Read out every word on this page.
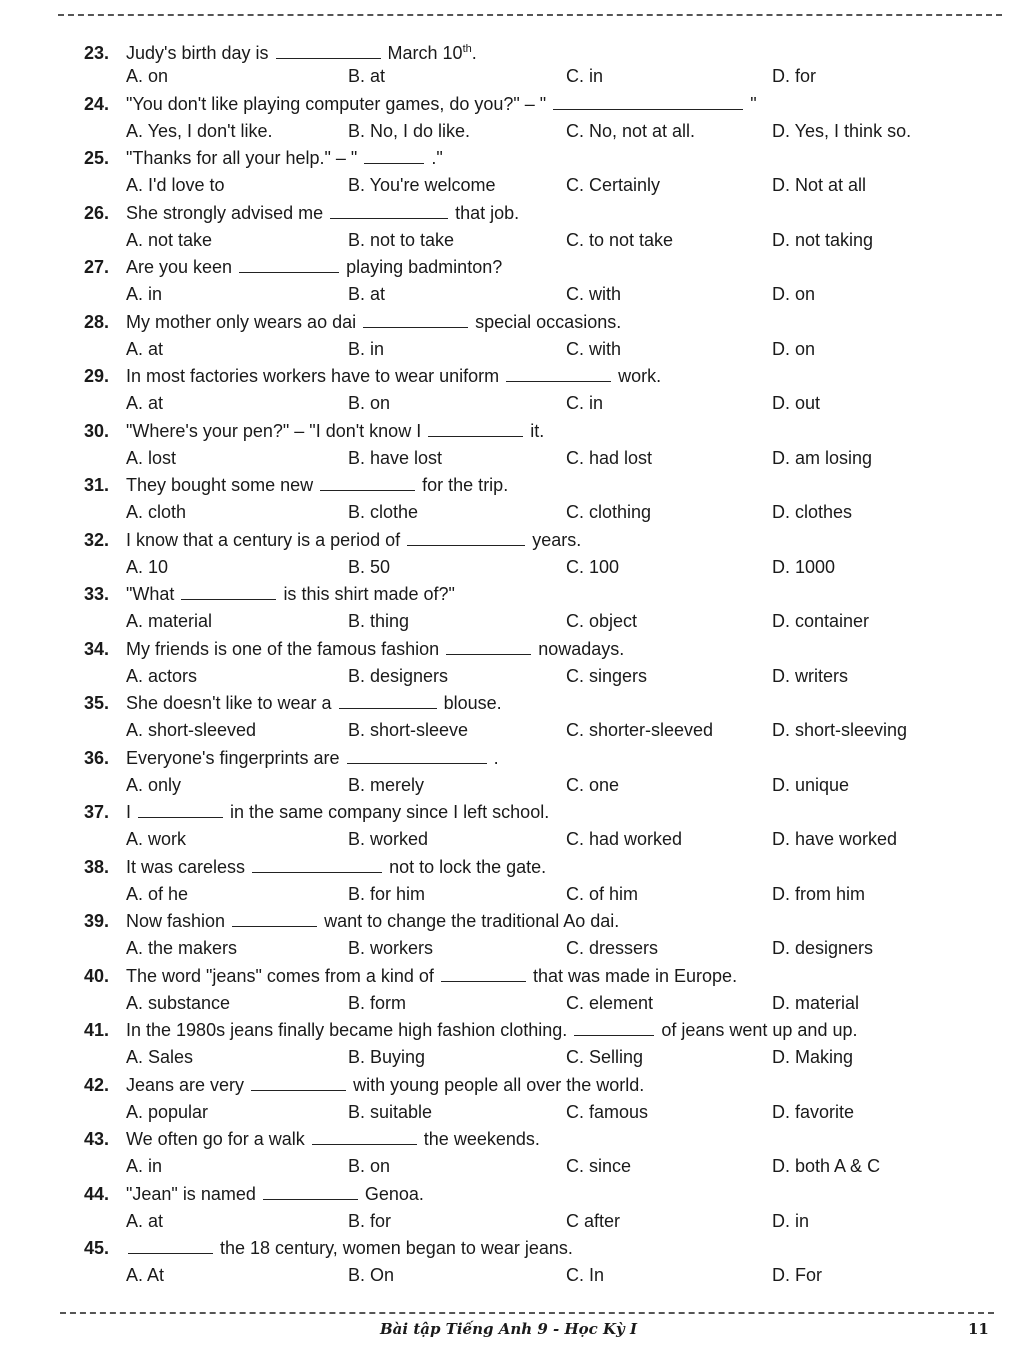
23. Judy's birth day is	March 10th.
A. on	B. at	C. in	D. for
24. "You don't like playing computer games, do you?" – "	"
A. Yes, I don't like.	B. No, I do like.	C. No, not at all.	D. Yes, I think so.
25. "Thanks for all your help." – "	."
A. I'd love to	B. You're welcome	C. Certainly	D. Not at all
26. She strongly advised me	that job.
A. not take	B. not to take	C. to not take	D. not taking
27. Are you keen	playing badminton?
A. in	B. at	C. with	D. on
28. My mother only wears ao dai	special occasions.
A. at	B. in	C. with	D. on
29. In most factories workers have to wear uniform	work.
A. at	B. on	C. in	D. out
30. "Where's your pen?" – "I don't know I	it.
A. lost	B. have lost	C. had lost	D. am losing
31. They bought some new	for the trip.
A. cloth	B. clothe	C. clothing	D. clothes
32. I know that a century is a period of	years.
A. 10	B. 50	C. 100	D. 1000
33. "What	is this shirt made of?"
A. material	B. thing	C. object	D. container
34. My friends is one of the famous fashion	nowadays.
A. actors	B. designers	C. singers	D. writers
35. She doesn't like to wear a	blouse.
A. short-sleeved	B. short-sleeve	C. shorter-sleeved	D. short-sleeving
36. Everyone's fingerprints are	.
A. only	B. merely	C. one	D. unique
37. I	in the same company since I left school.
A. work	B. worked	C. had worked	D. have worked
38. It was careless	not to lock the gate.
A. of he	B. for him	C. of him	D. from him
39. Now fashion	want to change the traditional Ao dai.
A. the makers	B. workers	C. dressers	D. designers
40. The word "jeans" comes from a kind of	that was made in Europe.
A. substance	B. form	C. element	D. material
41. In the 1980s jeans finally became high fashion clothing.	of jeans went up and up.
A. Sales	B. Buying	C. Selling	D. Making
42. Jeans are very	with young people all over the world.
A. popular	B. suitable	C. famous	D. favorite
43. We often go for a walk	the weekends.
A. in	B. on	C. since	D. both A & C
44. "Jean" is named	Genoa.
A. at	B. for	C after	D. in
45.	the 18 century, women began to wear jeans.
A. At	B. On	C. In	D. For
Bài tập Tiếng Anh 9 - Học Kỳ I	11
